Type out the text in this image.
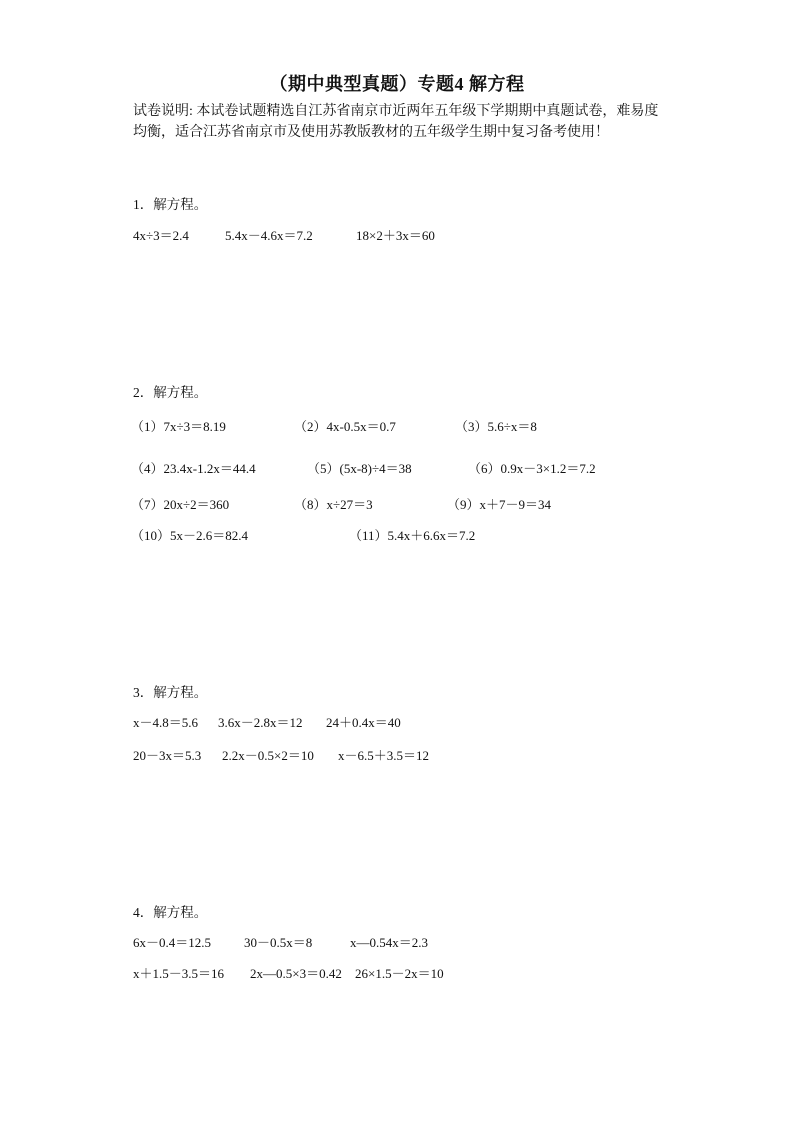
（期中典型真题）专题4 解方程
试卷说明: 本试卷试题精选自江苏省南京市近两年五年级下学期期中真题试卷，难易度
均衡，适合江苏省南京市及使用苏教版教材的五年级学生期中复习备考使用！
1．解方程。
4x÷3＝2.4	5.4x－4.6x＝7.2	18×2＋3x＝60
2．解方程。
（1）7x÷3＝8.19	（2）4x-0.5x＝0.7	（3）5.6÷x＝8
（4）23.4x-1.2x＝44.4	（5）(5x-8)÷4＝38	（6）0.9x－3×1.2＝7.2
（7）20x÷2＝360	（8）x÷27＝3	（9）x＋7－9＝34
（10）5x－2.6＝82.4	（11）5.4x＋6.6x＝7.2
3．解方程。
x－4.8＝5.6 3.6x－2.8x＝12 24＋0.4x＝40
20－3x＝5.3 2.2x－0.5×2＝10 x－6.5＋3.5＝12
4．解方程。
6x－0.4＝12.5	30－0.5x＝8	x—0.54x＝2.3
x＋1.5－3.5＝16 2x—0.5×3＝0.42 26×1.5－2x＝10
